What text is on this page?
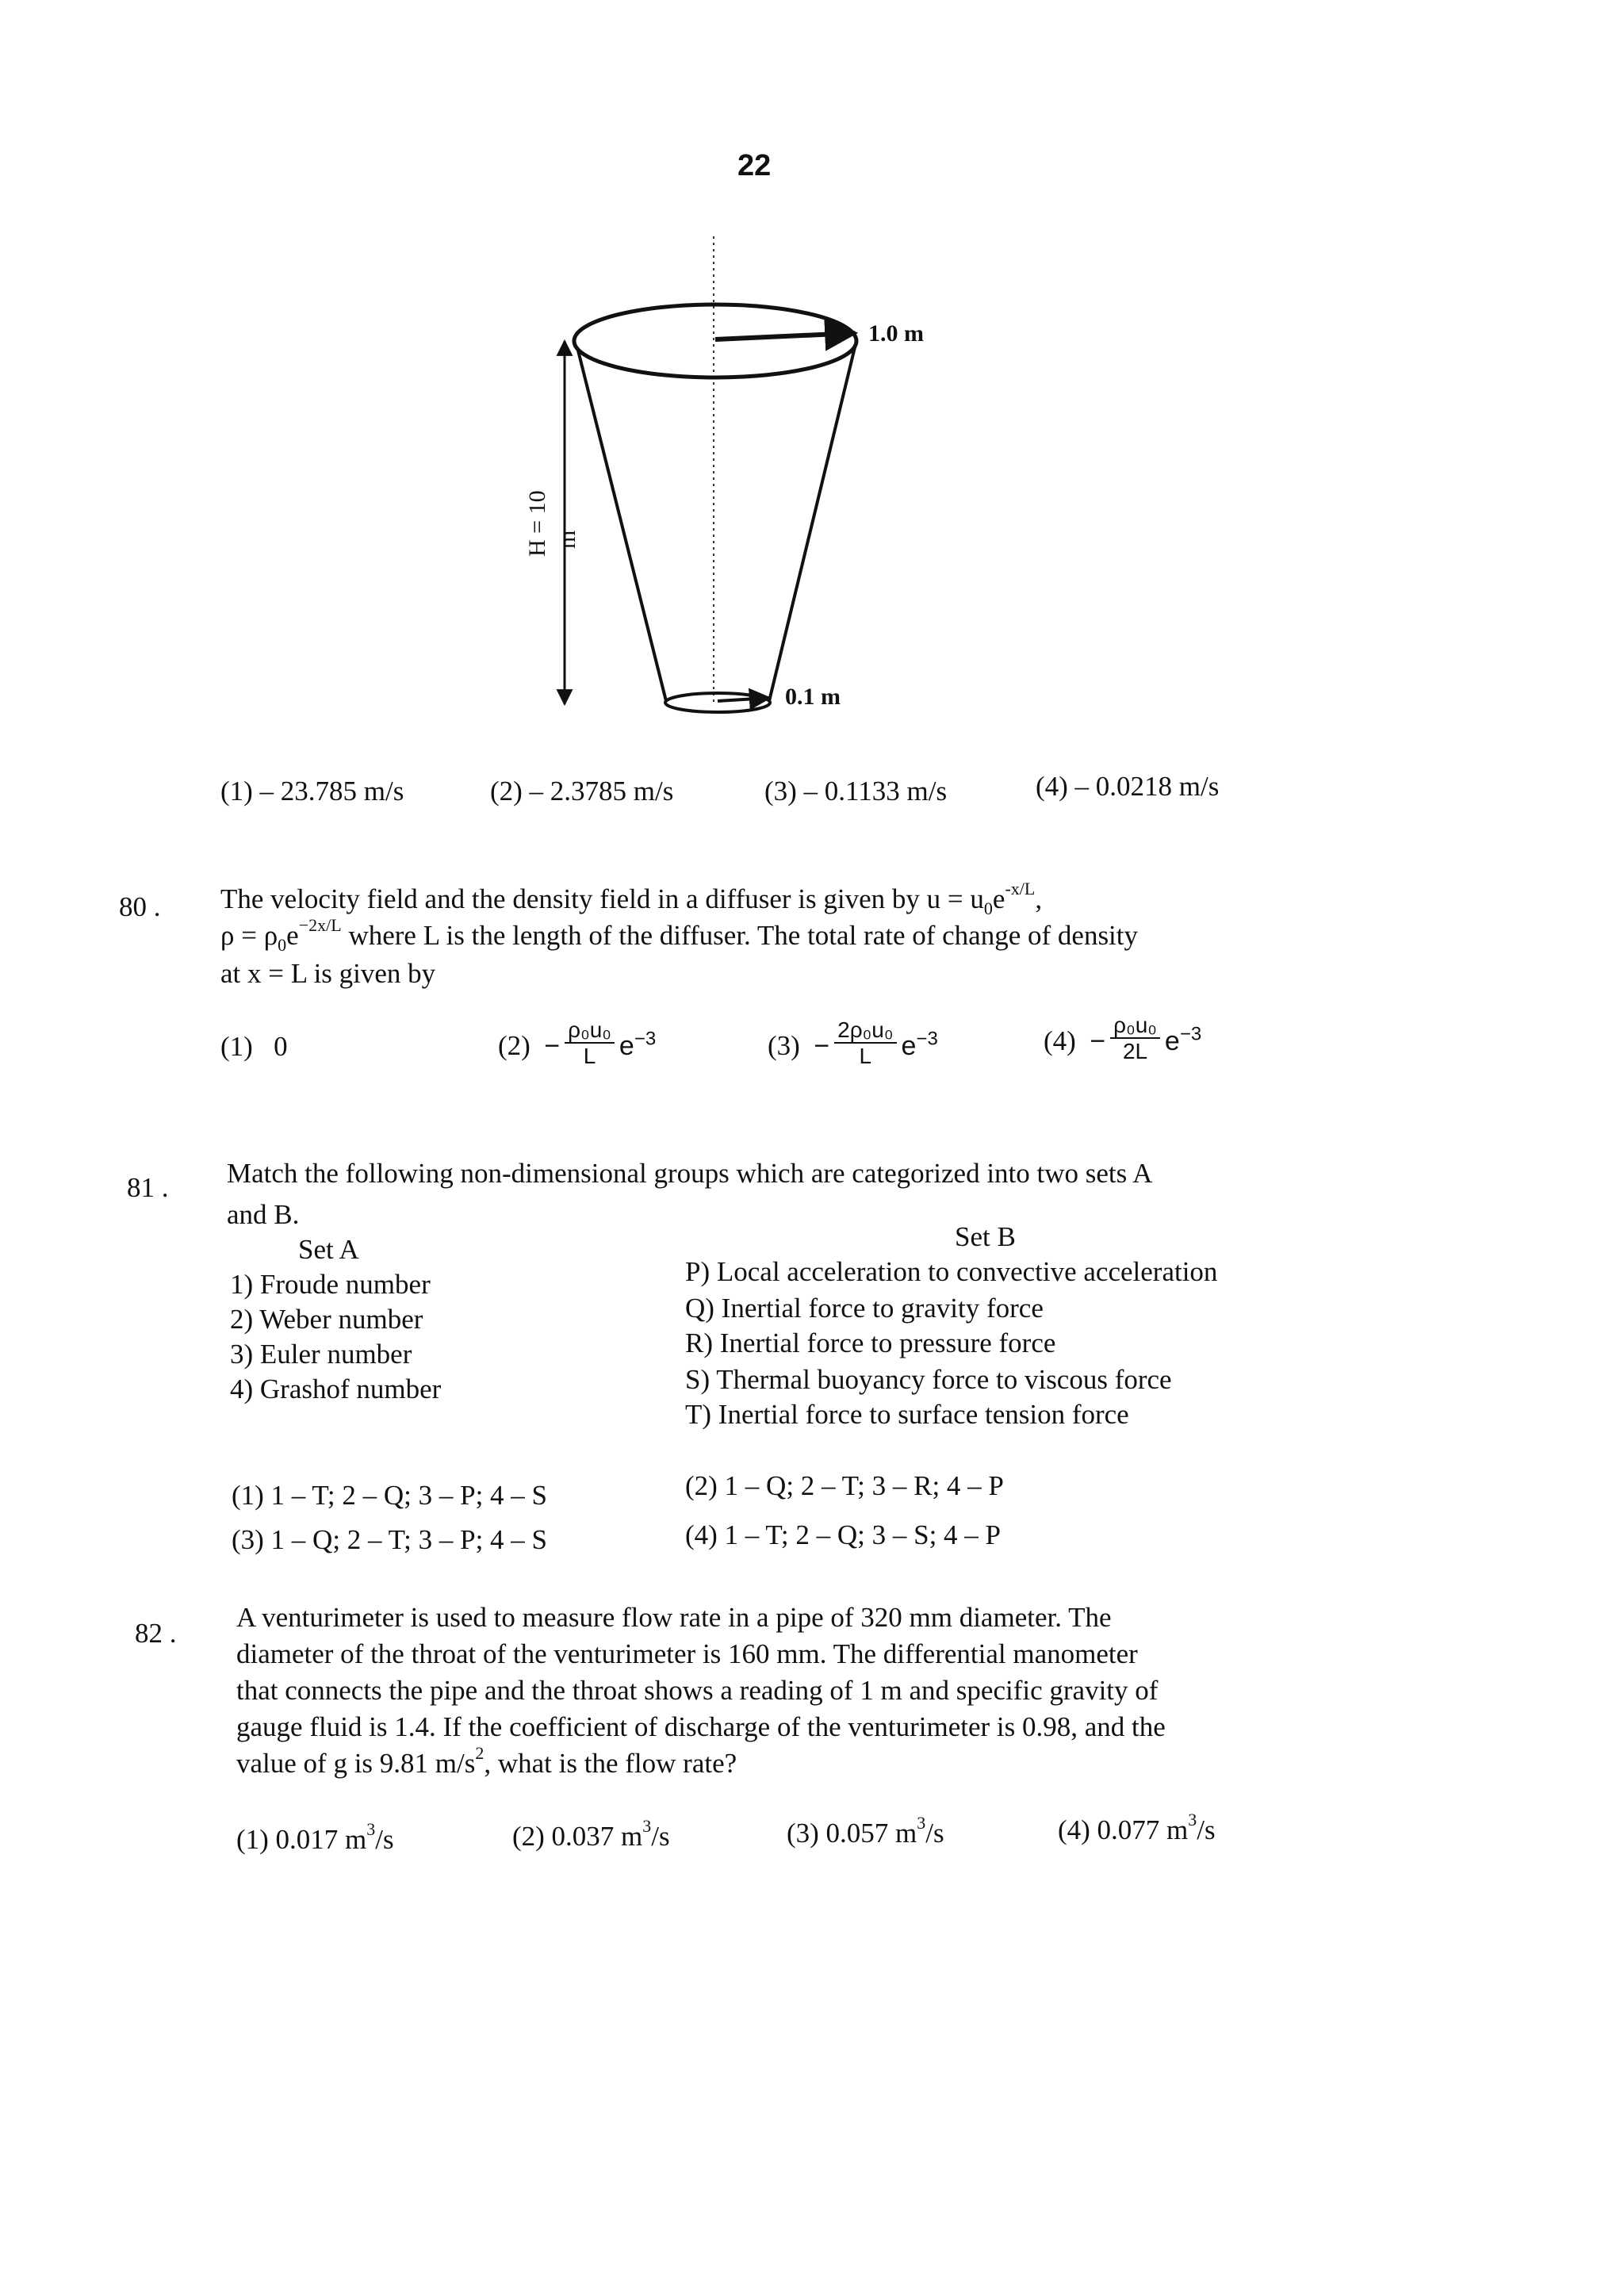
22
1.0 m
0.1 m
H = 10 m
(1) – 23.785 m/s	(2) – 2.3785 m/s	(3) – 0.1133 m/s	(4) – 0.0218 m/s
80 . The velocity field and the density field in a diffuser is given by $u = u_0e^{-x/L}$,
$\rho = \rho_0e^{-2x/L}$ where L is the length of the diffuser. The total rate of change of density
at x = L is given by
(1) 0	$(2) - \frac{\text{ρ₀u₀}}{L} e^{-3}$	$(3) - \frac{\text{2ρ₀u₀}}{L} e^{-3}$	$(4) - \frac{\text{ρ₀u₀}}{2L} e^{-3}$
81 . Match the following non-dimensional groups which are categorized into two sets A
and B.
Set A	Set B
1) Froude number
2) Weber number
3) Euler number
4) Grashof number
P) Local acceleration to convective acceleration
Q) Inertial force to gravity force
R) Inertial force to pressure force
S) Thermal buoyancy force to viscous force
T) Inertial force to surface tension force
(1) 1 – T; 2 – Q; 3 – P; 4 – S	(2) 1 – Q; 2 – T; 3 – R; 4 – P
(3) 1 – Q; 2 – T; 3 – P; 4 – S	(4) 1 – T; 2 – Q; 3 – S; 4 – P
82 .
A venturimeter is used to measure flow rate in a pipe of 320 mm diameter. The
diameter of the throat of the venturimeter is 160 mm. The differential manometer
that connects the pipe and the throat shows a reading of 1 m and specific gravity of
gauge fluid is 1.4. If the coefficient of discharge of the venturimeter is 0.98, and the
value of g is 9.81 $m/s^2$, what is the flow rate?
(1) 0.017 $m^3/s$	(2) 0.037 $m^3/s$	(3) 0.057 $m^3/s$	(4) 0.077 $m^3/s$
